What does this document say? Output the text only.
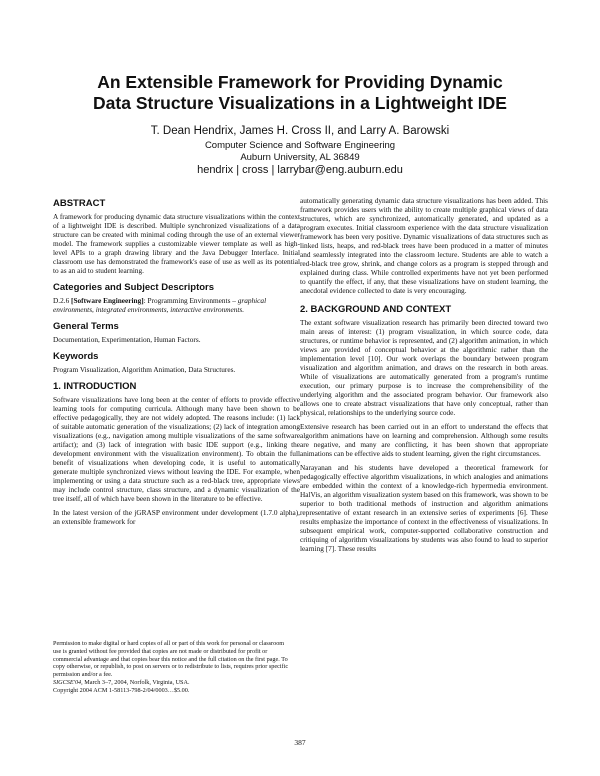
An Extensible Framework for Providing Dynamic
Data Structure Visualizations in a Lightweight IDE
T. Dean Hendrix, James H. Cross II, and Larry A. Barowski
Computer Science and Software Engineering
Auburn University, AL 36849
hendrix | cross | larrybar@eng.auburn.edu
ABSTRACT

A framework for producing dynamic data structure visualizations within the context of a lightweight IDE is described. Multiple synchronized visualizations of a data structure can be created with minimal coding through the use of an external viewer model. The framework supplies a customizable viewer template as well as high-level APIs to a graph drawing library and the Java Debugger Interface. Initial classroom use has demonstrated the framework's ease of use as well as its potential to as an aid to student learning.

Categories and Subject Descriptors
D.2.6 [Software Engineering]: Programming Environments – graphical environments, integrated environments, interactive environments.
General Terms

Documentation, Experimentation, Human Factors.

Keywords

Program Visualization, Algorithm Animation, Data Structures.

1. INTRODUCTION

Software visualizations have long been at the center of efforts to provide effective learning tools for computing curricula. Although many have been shown to be effective pedagogically, they are not widely adopted. The reasons include: (1) lack of suitable automatic generation of the visualizations; (2) lack of integration among visualizations (e.g., navigation among multiple visualizations of the same software artifact); and (3) lack of integration with basic IDE support (e.g., linking the development environment with the visualization environment). To obtain the full benefit of visualizations when developing code, it is useful to automatically generate multiple synchronized views without leaving the IDE. For example, when implementing or using a data structure such as a red-black tree, appropriate views may include control structure, class structure, and a dynamic visualization of the tree itself, all of which have been shown in the literature to be effective.

In the latest version of the jGRASP environment under development (1.7.0 alpha), an extensible framework for

Permission to make digital or hard copies of all or part of this work for personal or classroom use is granted without fee provided that copies are not made or distributed for profit or commercial advantage and that copies bear this notice and the full citation on the first page. To copy otherwise, or republish, to post on servers or to redistribute to lists, requires prior specific permission and/or a fee.
SIGCSE'04, March 3–7, 2004, Norfolk, Virginia, USA.
Copyright 2004 ACM 1-58113-798-2/04/0003…$5.00.

automatically generating dynamic data structure visualizations has been added. This framework provides users with the ability to create multiple graphical views of data structures, which are synchronized, automatically generated, and updated as a program executes. Initial classroom experience with the data structure visualization framework has been very positive. Dynamic visualizations of data structures such as linked lists, heaps, and red-black trees have been produced in a matter of minutes and seamlessly integrated into the classroom lecture. Students are able to watch a red-black tree grow, shrink, and change colors as a program is stepped through and explained during class. While controlled experiments have not yet been performed to quantify the effect, if any, that these visualizations have on student learning, the anecdotal evidence collected to date is very encouraging.

2. BACKGROUND AND CONTEXT

The extant software visualization research has primarily been directed toward two main areas of interest: (1) program visualization, in which source code, data structures, or runtime behavior is represented, and (2) algorithm animation, in which views are provided of conceptual behavior at the algorithmic rather than the implementation level [10]. Our work overlaps the boundary between program visualization and algorithm animation, and draws on the research in both areas. While of visualizations are automatically generated from a program's runtime execution, our primary purpose is to increase the comprehensibility of the underlying algorithm and the associated program behavior. Our framework also allows one to create abstract visualizations that have only conceptual, rather than physical, relationships to the underlying source code.

Extensive research has been carried out in an effort to understand the effects that algorithm animations have on learning and comprehension. Although some results are negative, and many are conflicting, it has been shown that appropriate animations can be effective aids to student learning, given the right circumstances.

Narayanan and his students have developed a theoretical framework for pedagogically effective algorithm visualizations, in which analogies and animations are embedded within the context of a knowledge-rich hypermedia environment. HalVis, an algorithm visualization system based on this framework, was shown to be superior to both traditional methods of instruction and algorithm animations representative of extant research in an extensive series of experiments [6]. These results emphasize the importance of context in the effectiveness of visualizations. In subsequent empirical work, computer-supported collaborative construction and critiquing of algorithm visualizations by students was also found to lead to superior learning [7]. These results

387
